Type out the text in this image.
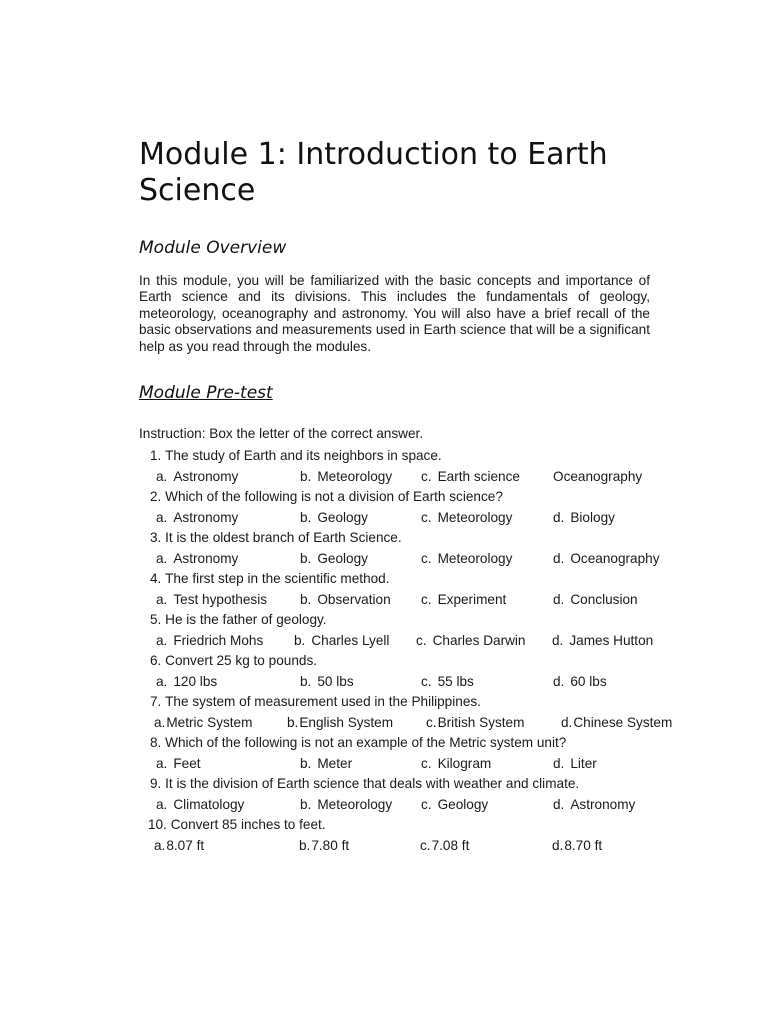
Module 1: Introduction to Earth Science
Module Overview

In this module, you will be familiarized with the basic concepts and importance of Earth science and its divisions. This includes the fundamentals of geology, meteorology, oceanography and astronomy. You will also have a brief recall of the basic observations and measurements used in Earth science that will be a significant help as you read through the modules.

Module Pre-test

Instruction: Box the letter of the correct answer.

1. The study of Earth and its neighbors in space.
a. Astronomy	b. Meteorology c. Earth science Oceanography
2. Which of the following is not a division of Earth science?
a. Astronomy	b. Geology	c. Meteorology	d. Biology
3. It is the oldest branch of Earth Science.
a. Astronomy	b. Geology	c. Meteorology	d. Oceanography
4. The first step in the scientific method.
a. Test hypothesis b. Observation c. Experiment	d. Conclusion
5. He is the father of geology.
a. Friedrich Mohs b. Charles Lyell c. Charles Darwin d. James Hutton
6. Convert 25 kg to pounds.
a. 120 lbs	b. 50 lbs	c. 55 lbs	d. 60 lbs
7. The system of measurement used in the Philippines.
a.Metric System	b.English System c.British System	d.Chinese System
8. Which of the following is not an example of the Metric system unit?
a. Feet	b. Meter	c. Kilogram	d. Liter
9. It is the division of Earth science that deals with weather and climate.
a. Climatology	b. Meteorology c. Geology	d. Astronomy
10. Convert 85 inches to feet.
a.8.07 ft	b.7.80 ft	c.7.08 ft	d.8.70 ft
